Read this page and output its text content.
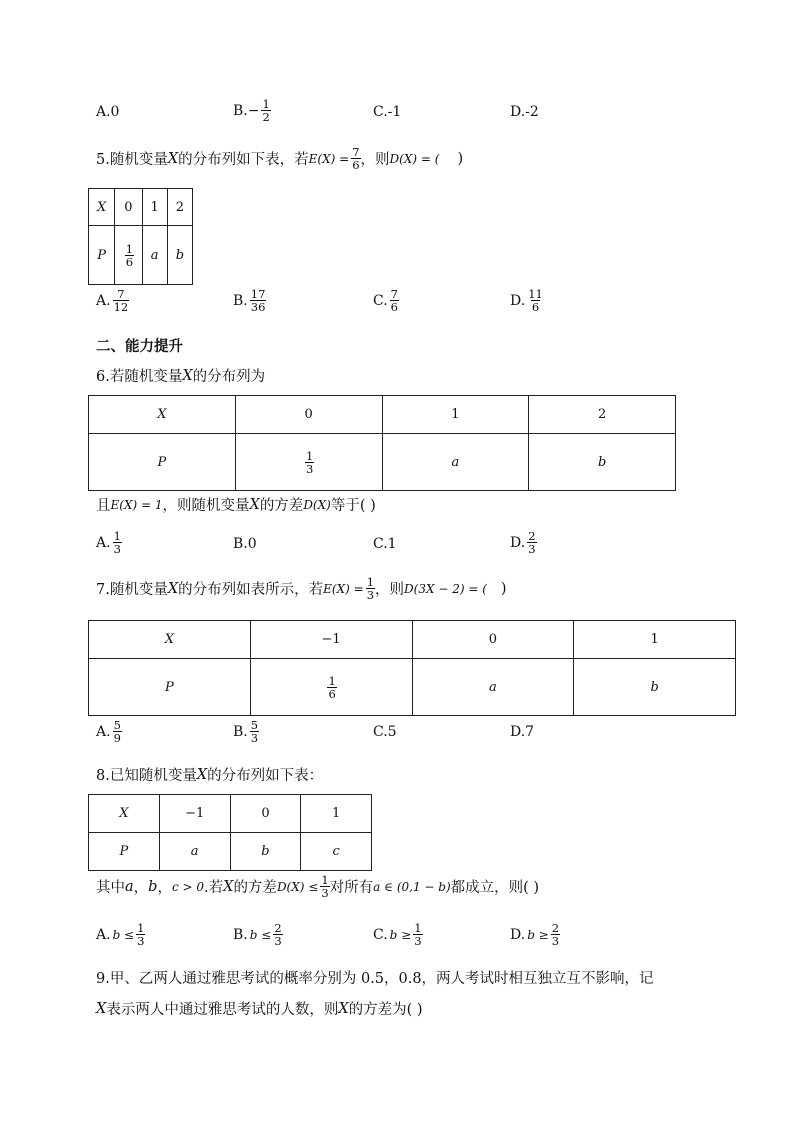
A.0	B. − $\frac{1}{2}$	C.-1	D.-2
5.随机变量 X 的分布列如下表，若 $E(X) = \frac{7}{6}$ ，则 D(X) = ( )
X	0	1	2
P	$\frac{1}{6}$	a	b
A. $\frac{7}{12}$	B. $\frac{17}{36}$	C. $\frac{7}{6}$	D. $\frac{11}{6}$
二、能力提升
6.若随机变量 X 的分布列为
X	0	1	2
P	$\frac{1}{3}$	a	b
且 E(X) = 1 ，则随机变量 X 的方差 D(X) 等于( )
A. $\frac{1}{3}$	B.0	C.1	D. $\frac{2}{3}$
7.随机变量 X 的分布列如表所示，若 $E(X) = \frac{1}{3}$ ，则 D(3X − 2) = ( )
X	−1	0	1
P	$\frac{1}{6}$	a	b
A. $\frac{5}{9}$	B. $\frac{5}{3}$	C.5	D.7
8.已知随机变量 X 的分布列如下表：
X	−1	0	1
P	a	b	c
其中 a ， b ， c > 0 .若 X 的方差 $D(X) \le \frac{1}{3}$ 对所有 a ∈ (0,1 − b) 都成立，则( )
A. $b \le \frac{1}{3}$	B. $b \le \frac{2}{3}$	C. $b \ge \frac{1}{3}$	D. $b \ge \frac{2}{3}$
9.甲、乙两人通过雅思考试的概率分别为 0.5，0.8，两人考试时相互独立互不影响，记
X 表示两人中通过雅思考试的人数，则 X 的方差为( )
